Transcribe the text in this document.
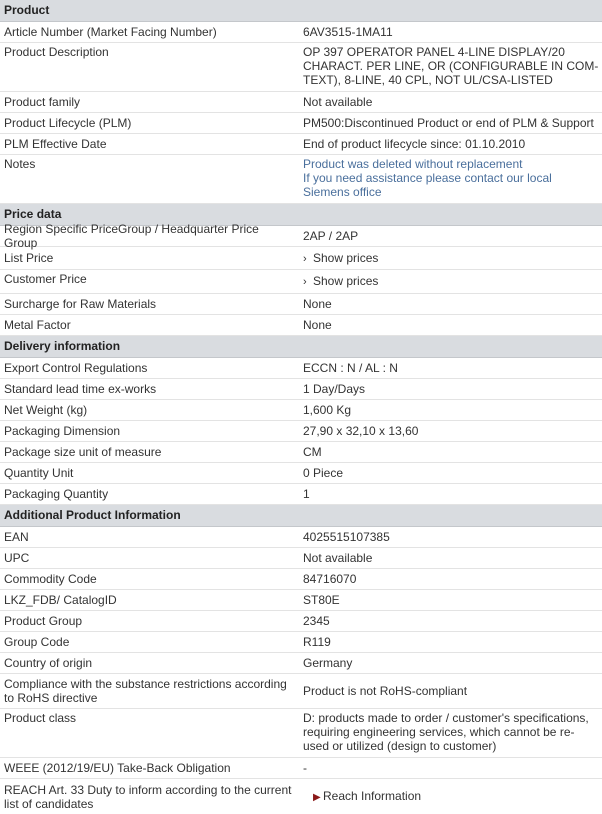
Product
Article Number (Market Facing Number)	6AV3515-1MA11
Product Description	OP 397 OPERATOR PANEL 4-LINE DISPLAY/20 CHARACT. PER LINE, OR (CONFIGURABLE IN COM-TEXT), 8-LINE, 40 CPL, NOT UL/CSA-LISTED
Product family	Not available
Product Lifecycle (PLM)	PM500:Discontinued Product or end of PLM & Support
PLM Effective Date	End of product lifecycle since: 01.10.2010
Notes	Product was deleted without replacement
If you need assistance please contact our local Siemens office
Price data
Region Specific PriceGroup / Headquarter Price Group	2AP / 2AP
List Price	› Show prices
Customer Price	› Show prices
Surcharge for Raw Materials	None
Metal Factor	None
Delivery information
Export Control Regulations	ECCN : N / AL : N
Standard lead time ex-works	1 Day/Days
Net Weight (kg)	1,600 Kg
Packaging Dimension	27,90 x 32,10 x 13,60
Package size unit of measure	CM
Quantity Unit	0 Piece
Packaging Quantity	1
Additional Product Information
EAN	4025515107385
UPC	Not available
Commodity Code	84716070
LKZ_FDB/ CatalogID	ST80E
Product Group	2345
Group Code	R119
Country of origin	Germany
Compliance with the substance restrictions according to RoHS directive	Product is not RoHS-compliant
Product class	D: products made to order / customer's specifications, requiring engineering services, which cannot be re-used or utilized (design to customer)
WEEE (2012/19/EU) Take-Back Obligation	-
REACH Art. 33 Duty to inform according to the current list of candidates	▶ Reach Information
